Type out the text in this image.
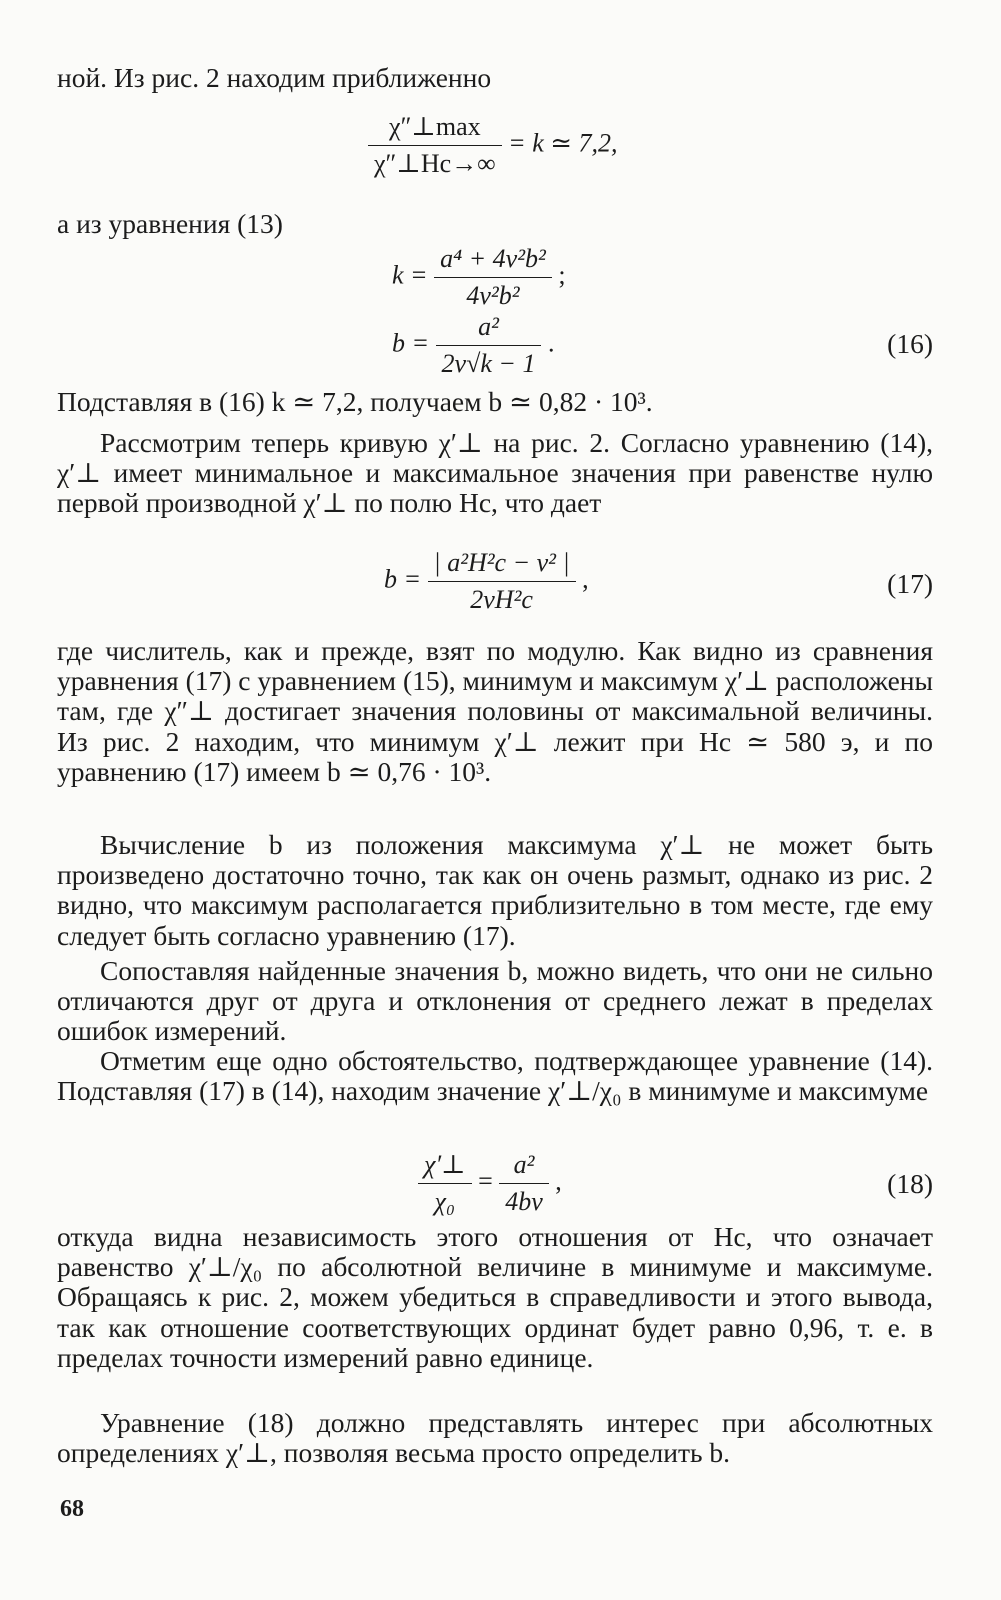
ной. Из рис. 2 находим приближенно
$\frac{\chi''\perp\max}{\chi''\perp Hc\to\infty} = k$ ≃ 7,2,
а из уравнения (13)
$k = \frac{\text{a⁴ + 4ν²b²}}{\text{4ν²b²}}$ ;
$b = \frac{\text{a²}}{2\nu√k - 1}$ .	(16)
Подставляя в (16) k ≃ 7,2, получаем b ≃ 0,82 · 10³.

Рассмотрим теперь кривую χ′⊥ на рис. 2. Согласно уравнению (14), χ′⊥ имеет минимальное и максимальное значения при равенстве нулю первой производной χ′⊥ по полю Hc, что дает

$b = \frac{\text{| a²H²c − ν² |}}{\text{2νH²c}}$ ,	(17)

где числитель, как и прежде, взят по модулю. Как видно из сравнения уравнения (17) с уравнением (15), минимум и максимум χ′⊥ расположены там, где χ″⊥ достигает значения половины от максимальной величины. Из рис. 2 находим, что минимум χ′⊥ лежит при Hc ≃ 580 э, и по уравнению (17) имеем b ≃ 0,76 · 10³.

Вычисление b из положения максимума χ′⊥ не может быть произведено достаточно точно, так как он очень размыт, однако из рис. 2 видно, что максимум располагается приблизительно в том месте, где ему следует быть согласно уравнению (17).

Сопоставляя найденные значения b, можно видеть, что они не сильно отличаются друг от друга и отклонения от среднего лежат в пределах ошибок измерений.

Отметим еще одно обстоятельство, подтверждающее уравнение (14). Подставляя (17) в (14), находим значение χ′⊥/χ₀ в минимуме и максимуме

$\frac{\chi'\perp}{\text{χ₀}} = \frac{\text{a²}}{4b\nu}$ ,	(18)

откуда видна независимость этого отношения от Hc, что означает равенство χ′⊥/χ₀ по абсолютной величине в минимуме и максимуме. Обращаясь к рис. 2, можем убедиться в справедливости и этого вывода, так как отношение соответствующих ординат будет равно 0,96, т. е. в пределах точности измерений равно единице.

Уравнение (18) должно представлять интерес при абсолютных определениях χ′⊥, позволяя весьма просто определить b.

68
